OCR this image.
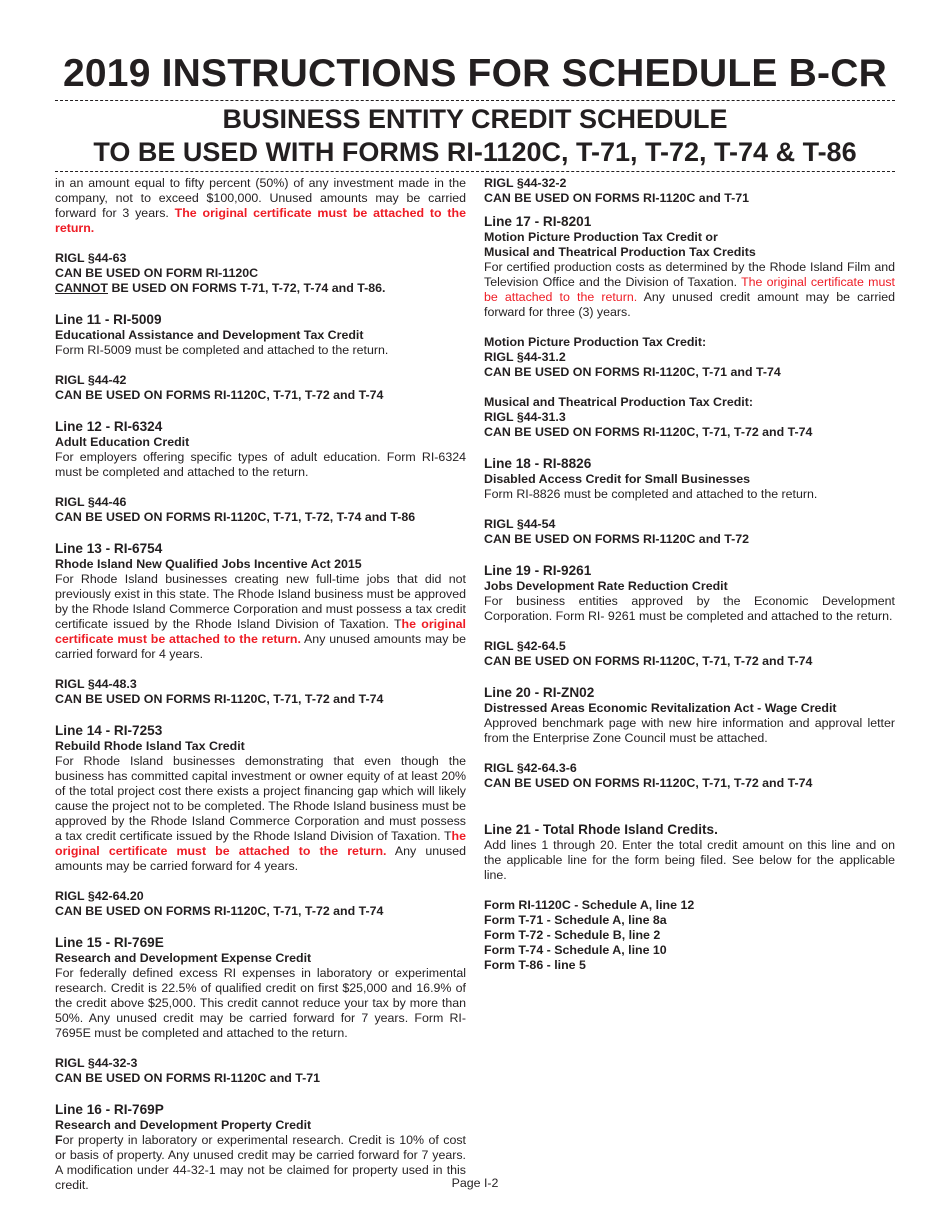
2019 INSTRUCTIONS FOR SCHEDULE B-CR
BUSINESS ENTITY CREDIT SCHEDULE
TO BE USED WITH FORMS RI-1120C, T-71, T-72, T-74 & T-86

in an amount equal to fifty percent (50%) of any investment made in the company, not to exceed $100,000. Unused amounts may be carried forward for 3 years. The original certificate must be attached to the return.

RIGL §44-63
CAN BE USED ON FORM RI-1120C
CANNOT BE USED ON FORMS T-71, T-72, T-74 and T-86.
Line 11 - RI-5009
Educational Assistance and Development Tax Credit

Form RI-5009 must be completed and attached to the return.

RIGL §44-42
CAN BE USED ON FORMS RI-1120C, T-71, T-72 and T-74
Line 12 - RI-6324
Adult Education Credit

For employers offering specific types of adult education. Form RI-6324 must be completed and attached to the return.

RIGL §44-46
CAN BE USED ON FORMS RI-1120C, T-71, T-72, T-74 and T-86
Line 13 - RI-6754
Rhode Island New Qualified Jobs Incentive Act 2015

For Rhode Island businesses creating new full-time jobs that did not previously exist in this state. The Rhode Island business must be approved by the Rhode Island Commerce Corporation and must possess a tax credit certificate issued by the Rhode Island Division of Taxation. The original certificate must be attached to the return. Any unused amounts may be carried forward for 4 years.

RIGL §44-48.3
CAN BE USED ON FORMS RI-1120C, T-71, T-72 and T-74
Line 14 - RI-7253
Rebuild Rhode Island Tax Credit

For Rhode Island businesses demonstrating that even though the business has committed capital investment or owner equity of at least 20% of the total project cost there exists a project financing gap which will likely cause the project not to be completed. The Rhode Island business must be approved by the Rhode Island Commerce Corporation and must possess a tax credit certificate issued by the Rhode Island Division of Taxation. The original certificate must be attached to the return. Any unused amounts may be carried forward for 4 years.

RIGL §42-64.20
CAN BE USED ON FORMS RI-1120C, T-71, T-72 and T-74
Line 15 - RI-769E
Research and Development Expense Credit

For federally defined excess RI expenses in laboratory or experimental research. Credit is 22.5% of qualified credit on first $25,000 and 16.9% of the credit above $25,000. This credit cannot reduce your tax by more than 50%. Any unused credit may be carried forward for 7 years. Form RI-7695E must be completed and attached to the return.

RIGL §44-32-3
CAN BE USED ON FORMS RI-1120C and T-71
Line 16 - RI-769P
Research and Development Property Credit

For property in laboratory or experimental research. Credit is 10% of cost or basis of property. Any unused credit may be carried forward for 7 years. A modification under 44-32-1 may not be claimed for property used in this credit.

RIGL §44-32-2
CAN BE USED ON FORMS RI-1120C and T-71
Line 17 - RI-8201
Motion Picture Production Tax Credit or
Musical and Theatrical Production Tax Credits

For certified production costs as determined by the Rhode Island Film and Television Office and the Division of Taxation. The original certificate must be attached to the return. Any unused credit amount may be carried forward for three (3) years.

Motion Picture Production Tax Credit:
RIGL §44-31.2
CAN BE USED ON FORMS RI-1120C, T-71 and T-74
Musical and Theatrical Production Tax Credit:
RIGL §44-31.3
CAN BE USED ON FORMS RI-1120C, T-71, T-72 and T-74
Line 18 - RI-8826
Disabled Access Credit for Small Businesses

Form RI-8826 must be completed and attached to the return.

RIGL §44-54
CAN BE USED ON FORMS RI-1120C and T-72
Line 19 - RI-9261
Jobs Development Rate Reduction Credit

For business entities approved by the Economic Development Corporation. Form RI- 9261 must be completed and attached to the return.

RIGL §42-64.5
CAN BE USED ON FORMS RI-1120C, T-71, T-72 and T-74
Line 20 - RI-ZN02
Distressed Areas Economic Revitalization Act - Wage Credit

Approved benchmark page with new hire information and approval letter from the Enterprise Zone Council must be attached.

RIGL §42-64.3-6
CAN BE USED ON FORMS RI-1120C, T-71, T-72 and T-74
Line 21 - Total Rhode Island Credits.

Add lines 1 through 20. Enter the total credit amount on this line and on the applicable line for the form being filed. See below for the applicable line.

Form RI-1120C - Schedule A, line 12
Form T-71 - Schedule A, line 8a
Form T-72 - Schedule B, line 2
Form T-74 - Schedule A, line 10
Form T-86 - line 5
Page I-2
